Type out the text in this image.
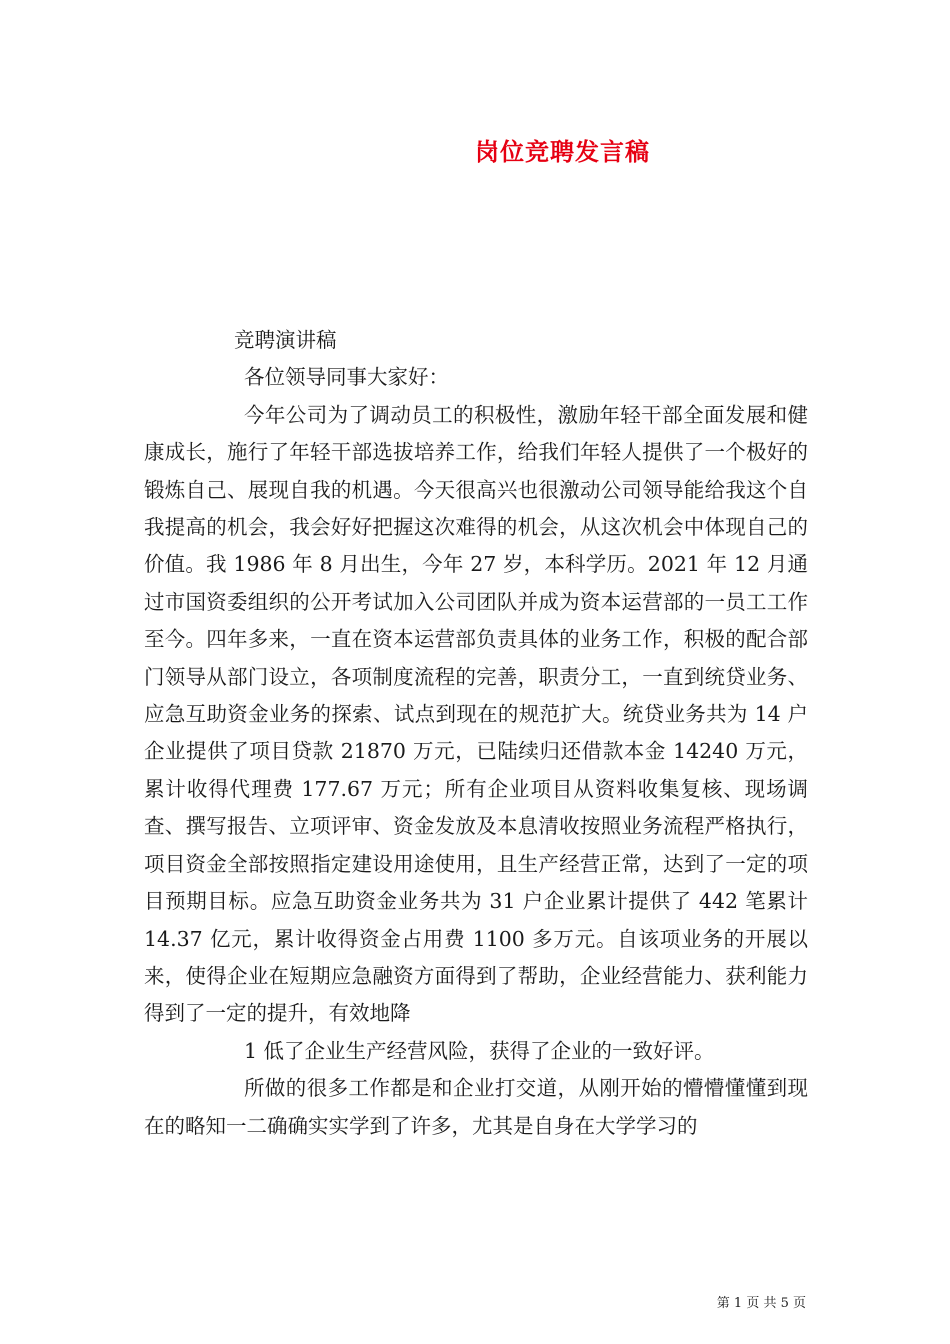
岗位竞聘发言稿

竞聘演讲稿

各位领导同事大家好：

今年公司为了调动员工的积极性，激励年轻干部全面发展和健康成长，施行了年轻干部选拔培养工作，给我们年轻人提供了一个极好的锻炼自己、展现自我的机遇。今天很高兴也很激动公司领导能给我这个自我提高的机会，我会好好把握这次难得的机会，从这次机会中体现自己的价值。我 1986 年 8 月出生，今年 27 岁，本科学历。2021 年 12 月通过市国资委组织的公开考试加入公司团队并成为资本运营部的一员工工作至今。四年多来，一直在资本运营部负责具体的业务工作，积极的配合部门领导从部门设立，各项制度流程的完善，职责分工，一直到统贷业务、应急互助资金业务的探索、试点到现在的规范扩大。统贷业务共为 14 户企业提供了项目贷款 21870 万元，已陆续归还借款本金 14240 万元，累计收得代理费 177.67 万元；所有企业项目从资料收集复核、现场调查、撰写报告、立项评审、资金发放及本息清收按照业务流程严格执行，项目资金全部按照指定建设用途使用，且生产经营正常，达到了一定的项目预期目标。应急互助资金业务共为 31 户企业累计提供了 442 笔累计 14.37 亿元，累计收得资金占用费 1100 多万元。自该项业务的开展以来，使得企业在短期应急融资方面得到了帮助，企业经营能力、获利能力得到了一定的提升，有效地降

1 低了企业生产经营风险，获得了企业的一致好评。

所做的很多工作都是和企业打交道，从刚开始的懵懵懂懂到现在的略知一二确确实实学到了许多，尤其是自身在大学学习的

第 1 页 共 5 页
